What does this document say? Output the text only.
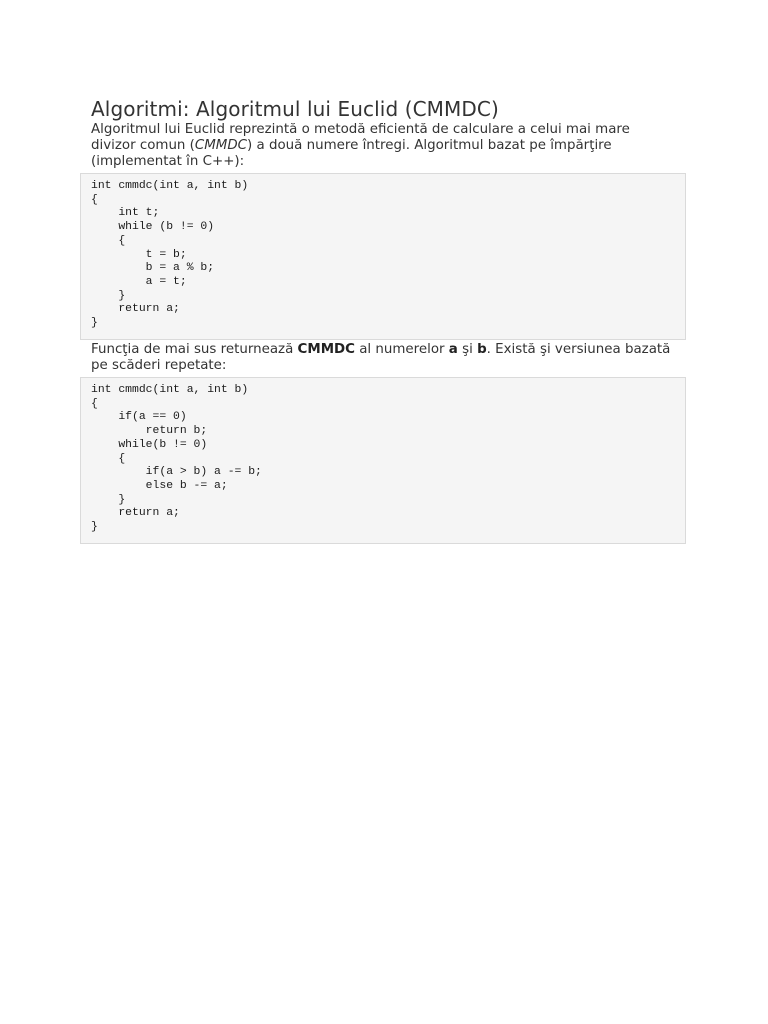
Algoritmi: Algoritmul lui Euclid (CMMDC)

Algoritmul lui Euclid reprezintă o metodă eficientă de calculare a celui mai mare divizor comun (CMMDC) a două numere întregi. Algoritmul bazat pe împărţire (implementat în C++):

int cmmdc(int a, int b)
{
int t;
while (b != 0)
{
t = b;
b = a % b;
a = t;
}
return a;
}

Funcţia de mai sus returnează CMMDC al numerelor a şi b. Există şi versiunea bazată pe scăderi repetate:

int cmmdc(int a, int b)
{
if(a == 0)
return b;
while(b != 0)
{
if(a > b) a -= b;
else b -= a;
}
return a;
}
